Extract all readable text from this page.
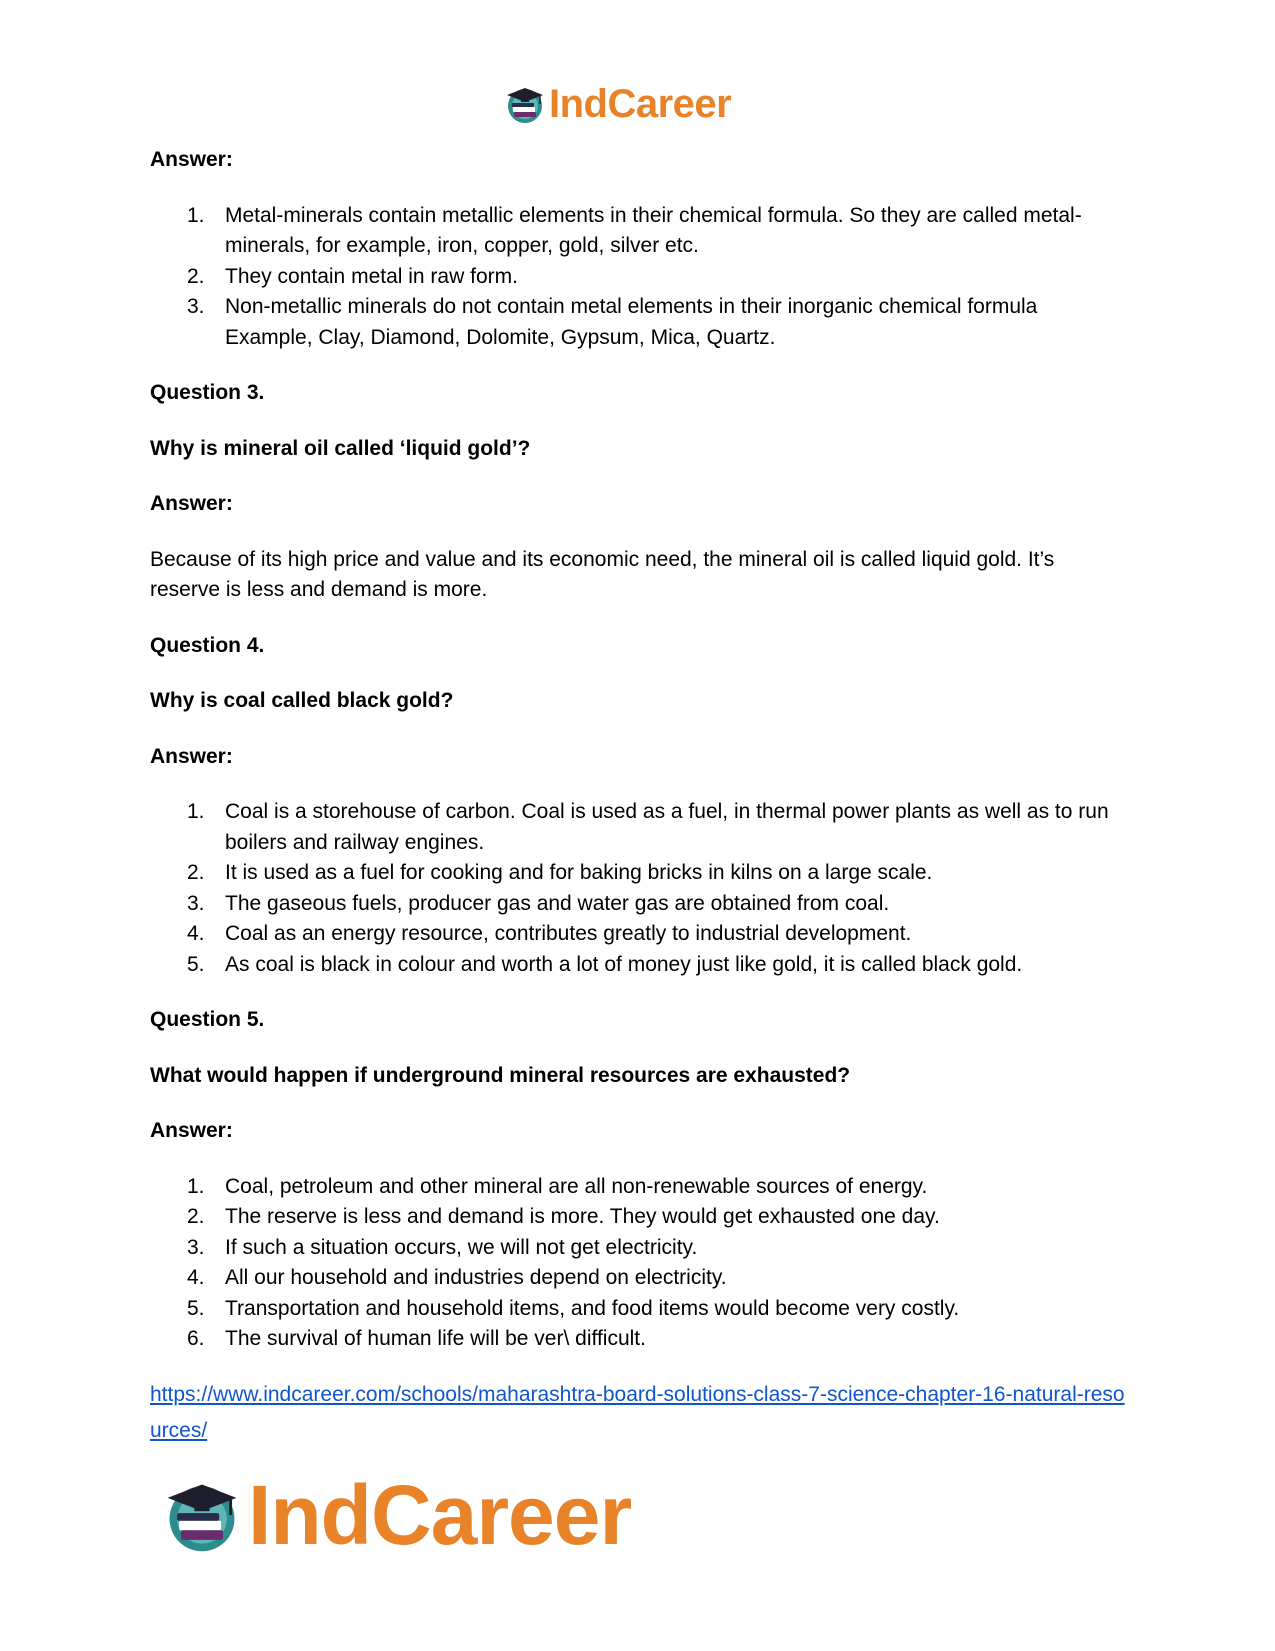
IndCareer

Answer:

1. Metal-minerals contain metallic elements in their chemical formula. So they are called metal-minerals, for example, iron, copper, gold, silver etc.
2. They contain metal in raw form.
3. Non-metallic minerals do not contain metal elements in their inorganic chemical formula Example, Clay, Diamond, Dolomite, Gypsum, Mica, Quartz.

Question 3.

Why is mineral oil called ‘liquid gold’?

Answer:

Because of its high price and value and its economic need, the mineral oil is called liquid gold. It’s reserve is less and demand is more.

Question 4.

Why is coal called black gold?

Answer:

1. Coal is a storehouse of carbon. Coal is used as a fuel, in thermal power plants as well as to run boilers and railway engines.
2. It is used as a fuel for cooking and for baking bricks in kilns on a large scale.
3. The gaseous fuels, producer gas and water gas are obtained from coal.
4. Coal as an energy resource, contributes greatly to industrial development.
5. As coal is black in colour and worth a lot of money just like gold, it is called black gold.

Question 5.

What would happen if underground mineral resources are exhausted?

Answer:

1. Coal, petroleum and other mineral are all non-renewable sources of energy.
2. The reserve is less and demand is more. They would get exhausted one day.
3. If such a situation occurs, we will not get electricity.
4. All our household and industries depend on electricity.
5. Transportation and household items, and food items would become very costly.
6. The survival of human life will be ver\ difficult.
https://www.indcareer.com/schools/maharashtra-board-solutions-class-7-science-chapter-16-natural-resources/
IndCareer
